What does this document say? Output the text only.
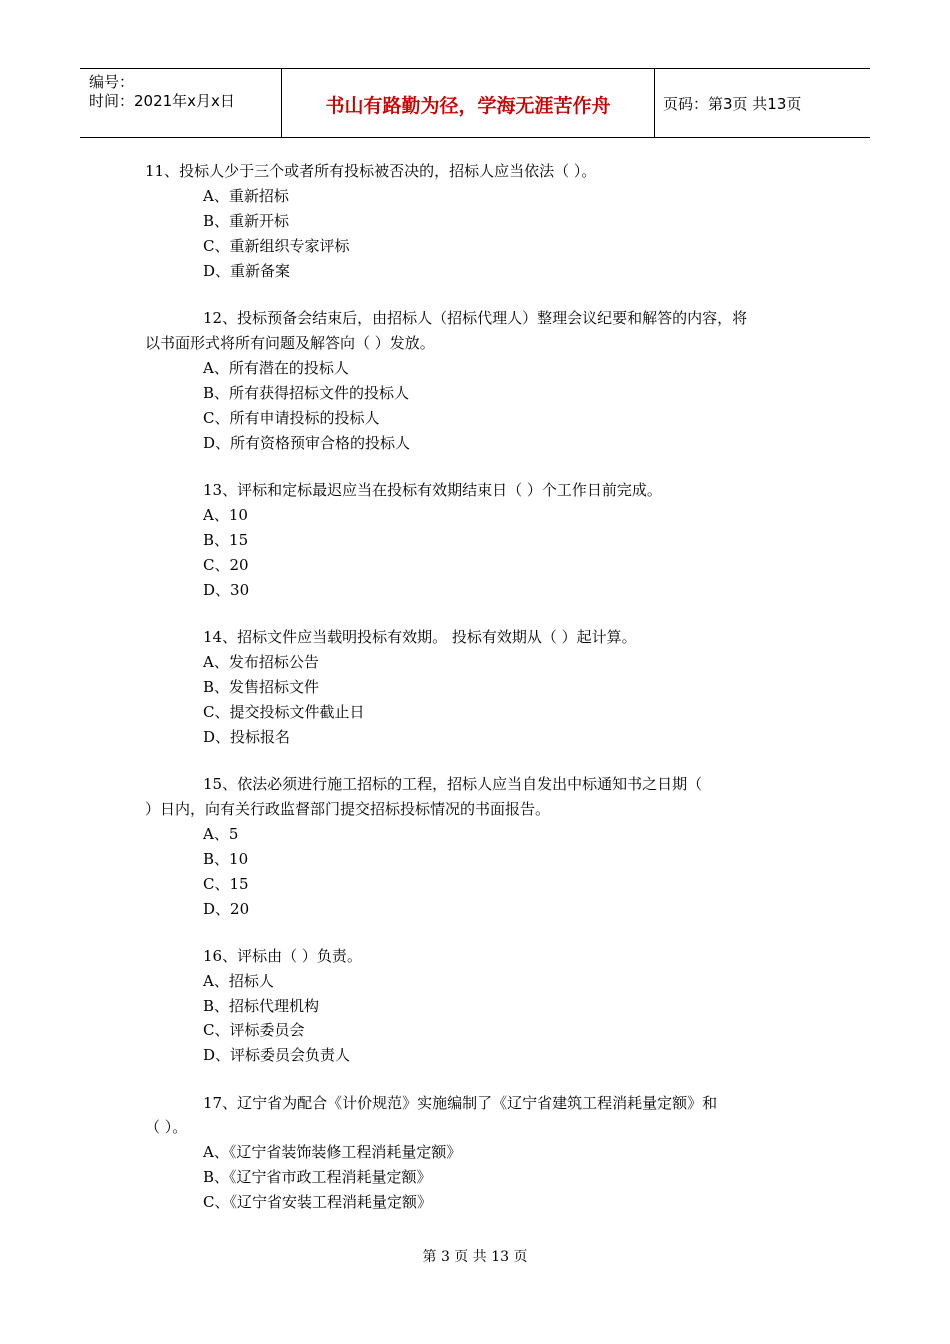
编号：
时间：2021年x月x日	书山有路勤为径，学海无涯苦作舟	页码：第3页 共13页
11、投标人少于三个或者所有投标被否决的，招标人应当依法（ ）。
A、重新招标
B、重新开标
C、重新组织专家评标
D、重新备案
12、投标预备会结束后，由招标人（招标代理人）整理会议纪要和解答的内容，将
以书面形式将所有问题及解答向（ ）发放。
A、所有潜在的投标人
B、所有获得招标文件的投标人
C、所有申请投标的投标人
D、所有资格预审合格的投标人
13、评标和定标最迟应当在投标有效期结束日（ ）个工作日前完成。
A、10
B、15
C、20
D、30
14、招标文件应当载明投标有效期。 投标有效期从（ ）起计算。
A、发布招标公告
B、发售招标文件
C、提交投标文件截止日
D、投标报名
15、依法必须进行施工招标的工程，招标人应当自发出中标通知书之日期（
）日内，向有关行政监督部门提交招标投标情况的书面报告。
A、5
B、10
C、15
D、20
16、评标由（ ）负责。
A、招标人
B、招标代理机构
C、评标委员会
D、评标委员会负责人
17、辽宁省为配合《计价规范》实施编制了《辽宁省建筑工程消耗量定额》和
（ ）。
A、《辽宁省装饰装修工程消耗量定额》
B、《辽宁省市政工程消耗量定额》
C、《辽宁省安装工程消耗量定额》
第 3 页 共 13 页
